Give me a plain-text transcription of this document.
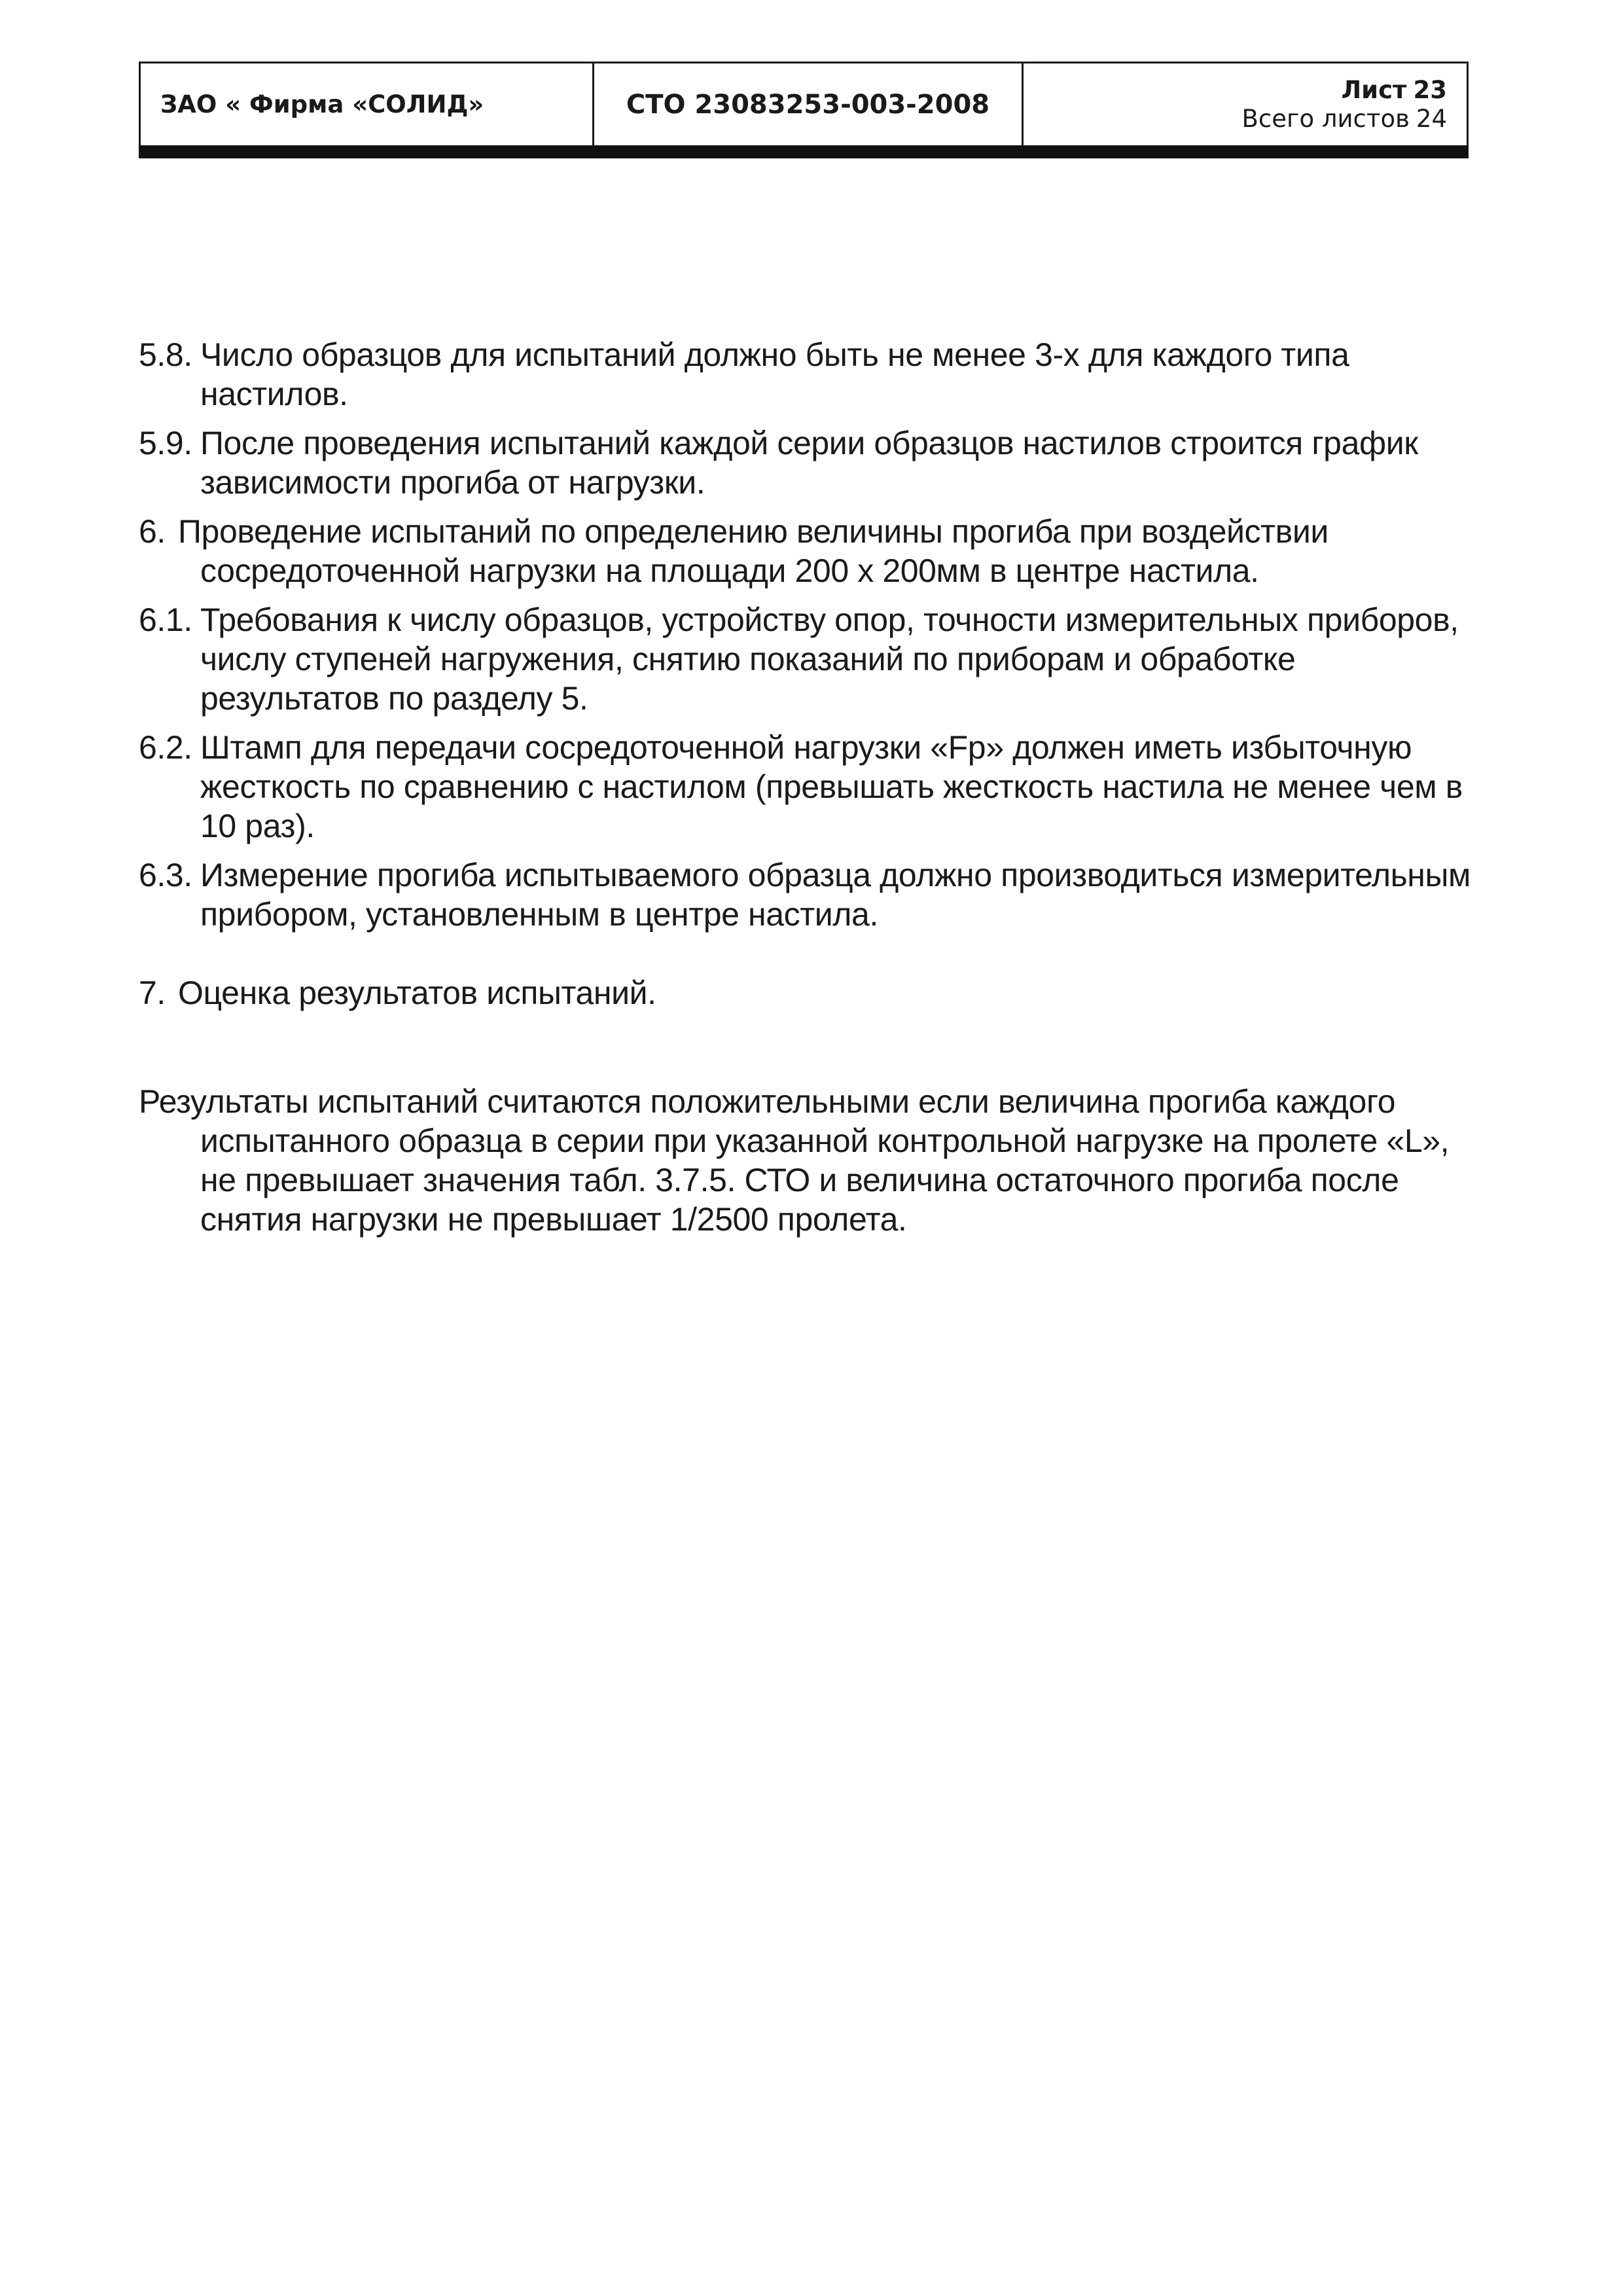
ЗАО « Фирма «СОЛИД»	СТО 23083253-003-2008	Лист 23
Всего листов 24
5.8. Число образцов для испытаний должно быть не менее 3-х для каждого типа настилов.
5.9. После проведения испытаний каждой серии образцов настилов строится график зависимости прогиба от нагрузки.
6. Проведение испытаний по определению величины прогиба при воздействии сосредоточенной нагрузки на площади 200 х 200мм в центре настила.
6.1. Требования к числу образцов, устройству опор, точности измерительных приборов, числу ступеней нагружения, снятию показаний по приборам и обработке результатов по разделу 5.
6.2. Штамп для передачи сосредоточенной нагрузки «Fp» должен иметь избыточную жесткость по сравнению с настилом (превышать жесткость настила не менее чем в 10 раз).
6.3. Измерение прогиба испытываемого образца должно производиться измерительным прибором, установленным в центре настила.
7. Оценка результатов испытаний.
Результаты испытаний считаются положительными если величина прогиба каждого испытанного образца в серии при указанной контрольной нагрузке на пролете «L», не превышает значения табл. 3.7.5. СТО и величина остаточного прогиба после снятия нагрузки не превышает 1/2500 пролета.
